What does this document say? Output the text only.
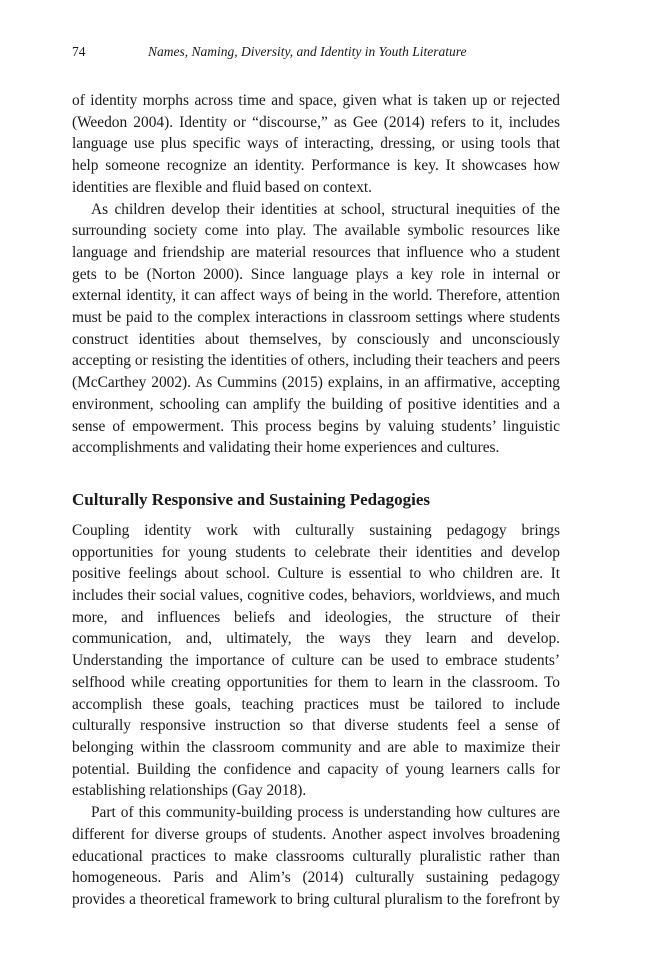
74	Names, Naming, Diversity, and Identity in Youth Literature

of identity morphs across time and space, given what is taken up or rejected (Weedon 2004). Identity or “discourse,” as Gee (2014) refers to it, includes language use plus specific ways of interacting, dressing, or using tools that help someone recognize an identity. Performance is key. It showcases how identities are flexible and fluid based on context.

As children develop their identities at school, structural inequities of the surrounding society come into play. The available symbolic resources like language and friendship are material resources that influence who a student gets to be (Norton 2000). Since language plays a key role in internal or external identity, it can affect ways of being in the world. Therefore, attention must be paid to the complex interactions in classroom settings where students construct identities about themselves, by consciously and unconsciously accepting or resisting the identities of others, including their teachers and peers (McCarthey 2002). As Cummins (2015) explains, in an affirmative, accepting environment, schooling can amplify the building of positive identities and a sense of empowerment. This process begins by valuing students’ linguistic accomplishments and validating their home experiences and cultures.

Culturally Responsive and Sustaining Pedagogies

Coupling identity work with culturally sustaining pedagogy brings opportunities for young students to celebrate their identities and develop positive feelings about school. Culture is essential to who children are. It includes their social values, cognitive codes, behaviors, worldviews, and much more, and influences beliefs and ideologies, the structure of their communication, and, ultimately, the ways they learn and develop. Understanding the importance of culture can be used to embrace students’ selfhood while creating opportunities for them to learn in the classroom. To accomplish these goals, teaching practices must be tailored to include culturally responsive instruction so that diverse students feel a sense of belonging within the classroom community and are able to maximize their potential. Building the confidence and capacity of young learners calls for establishing relationships (Gay 2018).

Part of this community-building process is understanding how cultures are different for diverse groups of students. Another aspect involves broadening educational practices to make classrooms culturally pluralistic rather than homogeneous. Paris and Alim’s (2014) culturally sustaining pedagogy provides a theoretical framework to bring cultural pluralism to the forefront by
